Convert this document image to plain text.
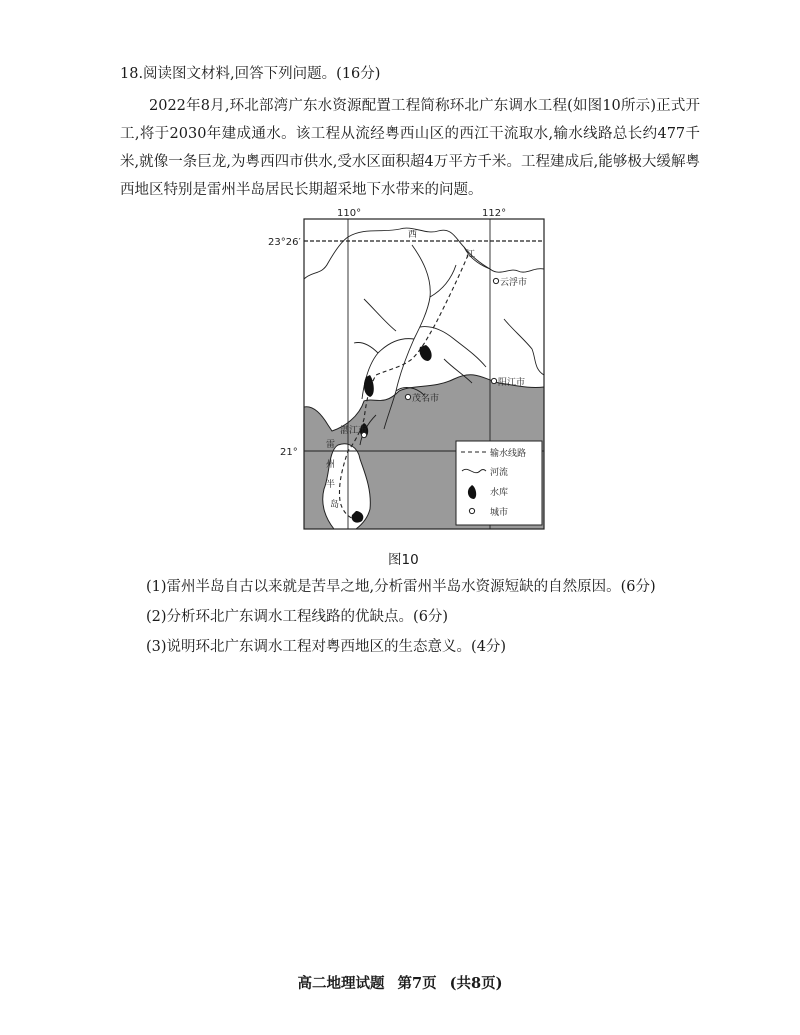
18.阅读图文材料,回答下列问题。(16分)
2022年8月,环北部湾广东水资源配置工程简称环北广东调水工程(如图10所示)正式开工,将于2030年建成通水。该工程从流经粤西山区的西江干流取水,输水线路总长约477千米,就像一条巨龙,为粤西四市供水,受水区面积超4万平方千米。工程建成后,能够极大缓解粤西地区特别是雷州半岛居民长期超采地下水带来的问题。
110°	112°
23°26′
21°
西
江
雷
州
半
岛
云浮市
阳江市
茂名市
湛江市
输水线路
河流
水库
城市
图10
(1)雷州半岛自古以来就是苦旱之地,分析雷州半岛水资源短缺的自然原因。(6分)
(2)分析环北广东调水工程线路的优缺点。(6分)
(3)说明环北广东调水工程对粤西地区的生态意义。(4分)
高二地理试题 第7页 (共8页)
